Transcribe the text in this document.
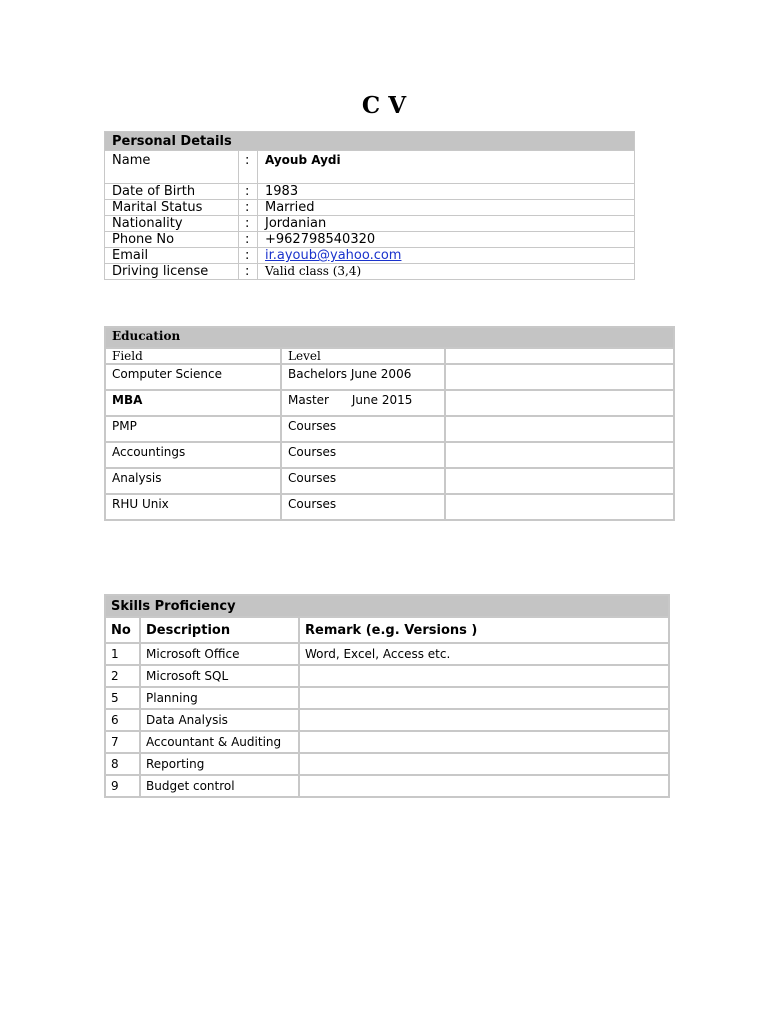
C V
Personal Details		
Name	:	Ayoub Aydi
Date of Birth	:	1983
Marital Status	:	Married
Nationality	:	Jordanian
Phone No	:	+962798540320
Email	:	ir.ayoub@yahoo.com
Driving license	:	Valid class (3,4)
Education		
Field	Level	
Computer Science	Bachelors June 2006	
MBA	Master      June 2015	
PMP	Courses	
Accountings	Courses	
Analysis	Courses	
RHU Unix	Courses	
Skills Proficiency		
No	Description	Remark (e.g. Versions )
1	Microsoft Office	Word, Excel, Access etc.
2	Microsoft SQL	
5	Planning	
6	Data Analysis	
7	Accountant & Auditing	
8	Reporting	
9	Budget control	
